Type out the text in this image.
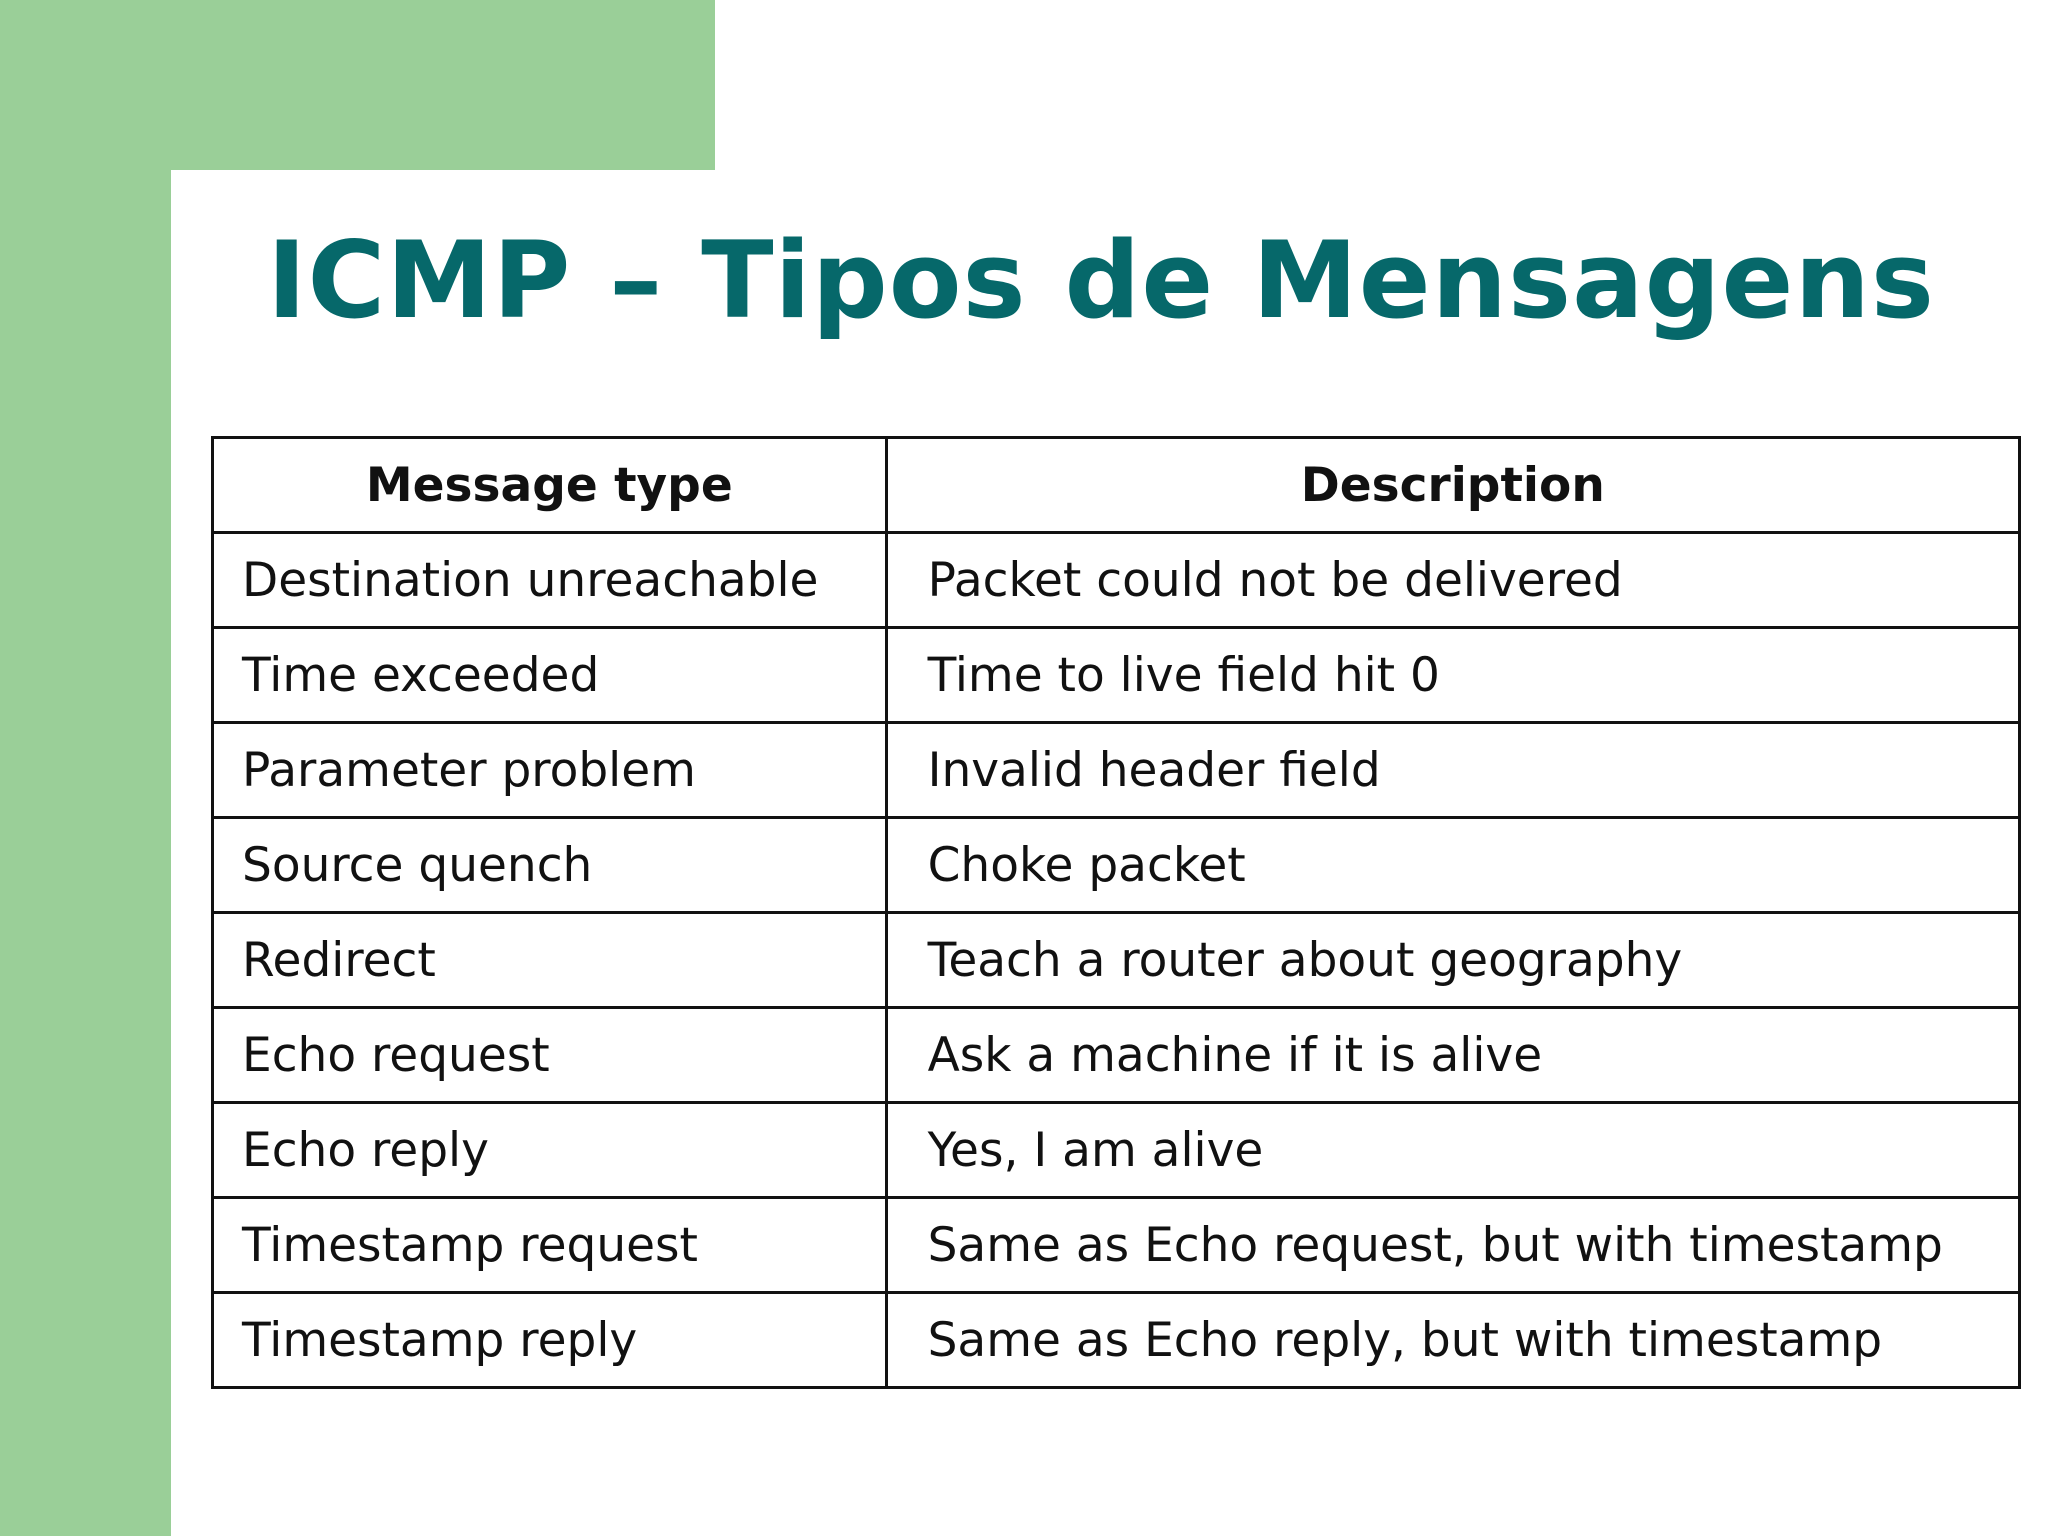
ICMP – Tipos de Mensagens
Message type	Description
Destination unreachable	Packet could not be delivered
Time exceeded	Time to live field hit 0
Parameter problem	Invalid header field
Source quench	Choke packet
Redirect	Teach a router about geography
Echo request	Ask a machine if it is alive
Echo reply	Yes, I am alive
Timestamp request	Same as Echo request, but with timestamp
Timestamp reply	Same as Echo reply, but with timestamp
